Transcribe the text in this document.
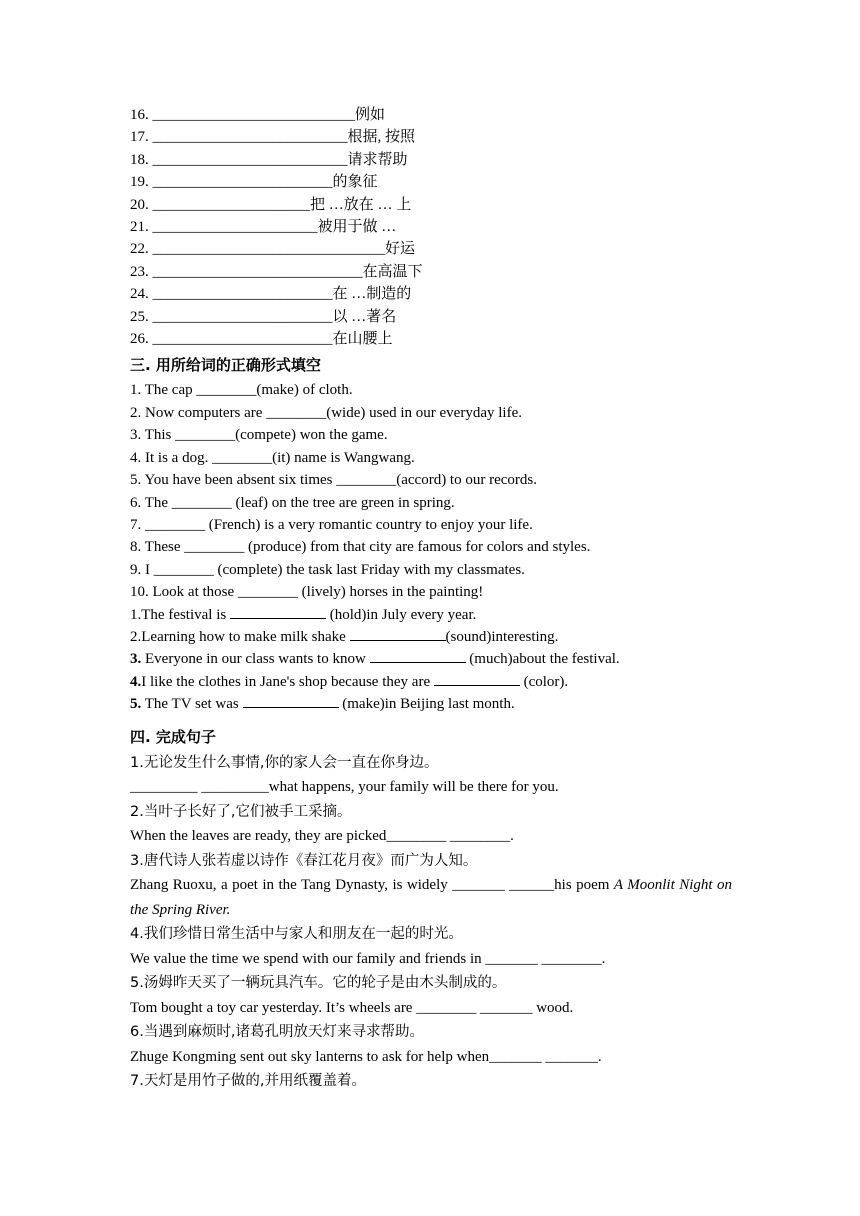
16. ___________________________例如
17. __________________________根据, 按照
18. __________________________请求帮助
19. ________________________的象征
20. _____________________把 …放在 … 上
21. ______________________被用于做 …
22. _______________________________好运
23. ____________________________在高温下
24. ________________________在 …制造的
25. ________________________以 …著名
26. ________________________在山腰上
三. 用所给词的正确形式填空
1. The cap ________(make) of cloth.
2. Now computers are ________(wide) used in our everyday life.
3. This ________(compete) won the game.
4. It is a dog. ________(it) name is Wangwang.
5. You have been absent six times ________(accord) to our records.
6. The ________ (leaf) on the tree are green in spring.
7. ________ (French) is a very romantic country to enjoy your life.
8. These ________ (produce) from that city are famous for colors and styles.
9. I ________ (complete) the task last Friday with my classmates.
10. Look at those ________ (lively) horses in the painting!
1.The festival is	(hold)in July every year.
2.Learning how to make milk shake	(sound)interesting.
3. Everyone in our class wants to know	(much)about the festival.
4.I like the clothes in Jane's shop because they are	(color).
5. The TV set was	(make)in Beijing last month.
四. 完成句子
1.无论发生什么事情,你的家人会一直在你身边。
_________ _________what happens, your family will be there for you.
2.当叶子长好了,它们被手工采摘。
When the leaves are ready, they are picked________ ________.
3.唐代诗人张若虚以诗作《春江花月夜》而广为人知。
Zhang Ruoxu, a poet in the Tang Dynasty, is widely _______ ______his poem A Moonlit Night on the Spring River.
4.我们珍惜日常生活中与家人和朋友在一起的时光。
We value the time we spend with our family and friends in _______ ________.
5.汤姆昨天买了一辆玩具汽车。它的轮子是由木头制成的。
Tom bought a toy car yesterday. It’s wheels are ________ _______ wood.
6.当遇到麻烦时,诸葛孔明放天灯来寻求帮助。
Zhuge Kongming sent out sky lanterns to ask for help when_______ _______.
7.天灯是用竹子做的,并用纸覆盖着。
